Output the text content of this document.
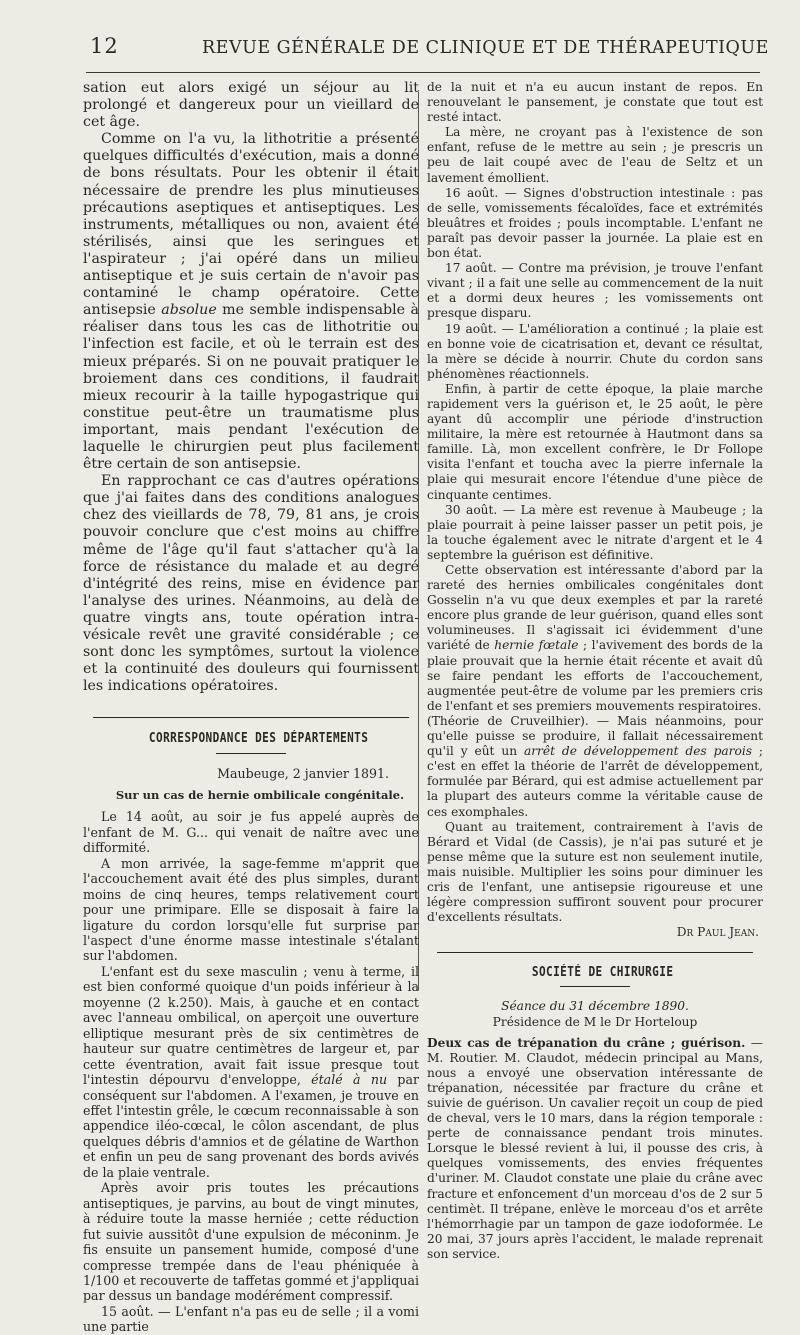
12	REVUE GÉNÉRALE DE CLINIQUE ET DE THÉRAPEUTIQUE

sation eut alors exigé un séjour au lit prolongé et dangereux pour un vieillard de cet âge.

Comme on l'a vu, la lithotritie a présenté quelques difficultés d'exécution, mais a donné de bons résultats. Pour les obtenir il était nécessaire de prendre les plus minutieuses précautions aseptiques et antiseptiques. Les instruments, métalliques ou non, avaient été stérilisés, ainsi que les seringues et l'aspirateur ; j'ai opéré dans un milieu antiseptique et je suis certain de n'avoir pas contaminé le champ opératoire. Cette antisepsie absolue me semble indispensable à réaliser dans tous les cas de lithotritie ou l'infection est facile, et où le terrain est des mieux préparés. Si on ne pouvait pratiquer le broiement dans ces conditions, il faudrait mieux recourir à la taille hypogastrique qui constitue peut-être un traumatisme plus important, mais pendant l'exécution de laquelle le chirurgien peut plus facilement être certain de son antisepsie.

En rapprochant ce cas d'autres opérations que j'ai faites dans des conditions analogues chez des vieillards de 78, 79, 81 ans, je crois pouvoir conclure que c'est moins au chiffre même de l'âge qu'il faut s'attacher qu'à la force de résistance du malade et au degré d'intégrité des reins, mise en évidence par l'analyse des urines. Néanmoins, au delà de quatre vingts ans, toute opération intra-vésicale revêt une gravité considérable ; ce sont donc les symptômes, surtout la violence et la continuité des douleurs qui fournissent les indications opératoires.

CORRESPONDANCE DES DÉPARTEMENTS

Maubeuge, 2 janvier 1891.

Sur un cas de hernie ombilicale congénitale.

Le 14 août, au soir je fus appelé auprès de l'enfant de M. G... qui venait de naître avec une difformité.

A mon arrivée, la sage-femme m'apprit que l'accouchement avait été des plus simples, durant moins de cinq heures, temps relativement court pour une primipare. Elle se disposait à faire la ligature du cordon lorsqu'elle fut surprise par l'aspect d'une énorme masse intestinale s'étalant sur l'abdomen.

L'enfant est du sexe masculin ; venu à terme, il est bien conformé quoique d'un poids inférieur à la moyenne (2 k.250). Mais, à gauche et en contact avec l'anneau ombilical, on aperçoit une ouverture elliptique mesurant près de six centimètres de hauteur sur quatre centimètres de largeur et, par cette éventration, avait fait issue presque tout l'intestin dépourvu d'enveloppe, étalé à nu par conséquent sur l'abdomen. A l'examen, je trouve en effet l'intestin grêle, le cœcum reconnaissable à son appendice iléo-cœcal, le côlon ascendant, de plus quelques débris d'amnios et de gélatine de Warthon et enfin un peu de sang provenant des bords avivés de la plaie ventrale.

Après avoir pris toutes les précautions antiseptiques, je parvins, au bout de vingt minutes, à réduire toute la masse herniée ; cette réduction fut suivie aussitôt d'une expulsion de méconinm. Je fis ensuite un pansement humide, composé d'une compresse trempée dans de l'eau phéniquée à 1/100 et recouverte de taffetas gommé et j'appliquai par dessus un bandage modérément compressif.

15 août. — L'enfant n'a pas eu de selle ; il a vomi une partie

de la nuit et n'a eu aucun instant de repos. En renouvelant le pansement, je constate que tout est resté intact.

La mère, ne croyant pas à l'existence de son enfant, refuse de le mettre au sein ; je prescris un peu de lait coupé avec de l'eau de Seltz et un lavement émollient.

16 août. — Signes d'obstruction intestinale : pas de selle, vomissements fécaloïdes, face et extrémités bleuâtres et froides ; pouls incomptable. L'enfant ne paraît pas devoir passer la journée. La plaie est en bon état.

17 août. — Contre ma prévision, je trouve l'enfant vivant ; il a fait une selle au commencement de la nuit et a dormi deux heures ; les vomissements ont presque disparu.

19 août. — L'amélioration a continué ; la plaie est en bonne voie de cicatrisation et, devant ce résultat, la mère se décide à nourrir. Chute du cordon sans phénomènes réactionnels.

Enfin, à partir de cette époque, la plaie marche rapidement vers la guérison et, le 25 août, le père ayant dû accomplir une période d'instruction militaire, la mère est retournée à Hautmont dans sa famille. Là, mon excellent confrère, le Dr Follope visita l'enfant et toucha avec la pierre infernale la plaie qui mesurait encore l'étendue d'une pièce de cinquante centimes.

30 août. — La mère est revenue à Maubeuge ; la plaie pourrait à peine laisser passer un petit pois, je la touche également avec le nitrate d'argent et le 4 septembre la guérison est définitive.

Cette observation est intéressante d'abord par la rareté des hernies ombilicales congénitales dont Gosselin n'a vu que deux exemples et par la rareté encore plus grande de leur guérison, quand elles sont volumineuses. Il s'agissait ici évidemment d'une variété de hernie fœtale ; l'avivement des bords de la plaie prouvait que la hernie était récente et avait dû se faire pendant les efforts de l'accouchement, augmentée peut-être de volume par les premiers cris de l'enfant et ses premiers mouvements respiratoires.

(Théorie de Cruveilhier). — Mais néanmoins, pour qu'elle puisse se produire, il fallait nécessairement qu'il y eût un arrêt de développement des parois ; c'est en effet la théorie de l'arrêt de développement, formulée par Bérard, qui est admise actuellement par la plupart des auteurs comme la véritable cause de ces exomphales.

Quant au traitement, contrairement à l'avis de Bérard et Vidal (de Cassis), je n'ai pas suturé et je pense même que la suture est non seulement inutile, mais nuisible. Multiplier les soins pour diminuer les cris de l'enfant, une antisepsie rigoureuse et une légère compression suffiront souvent pour procurer d'excellents résultats.

Dr Paul Jean.

SOCIÉTÉ DE CHIRURGIE

Séance du 31 décembre 1890.

Présidence de M le Dr Horteloup

Deux cas de trépanation du crâne ; guérison. — M. Routier. M. Claudot, médecin principal au Mans, nous a envoyé une observation intéressante de trépanation, nécessitée par fracture du crâne et suivie de guérison. Un cavalier reçoit un coup de pied de cheval, vers le 10 mars, dans la région temporale : perte de connaissance pendant trois minutes. Lorsque le blessé revient à lui, il pousse des cris, à quelques vomissements, des envies fréquentes d'uriner. M. Claudot constate une plaie du crâne avec fracture et enfoncement d'un morceau d'os de 2 sur 5 centimèt. Il trépane, enlève le morceau d'os et arrête l'hémorrhagie par un tampon de gaze iodoformée. Le 20 mai, 37 jours après l'accident, le malade reprenait son service.
